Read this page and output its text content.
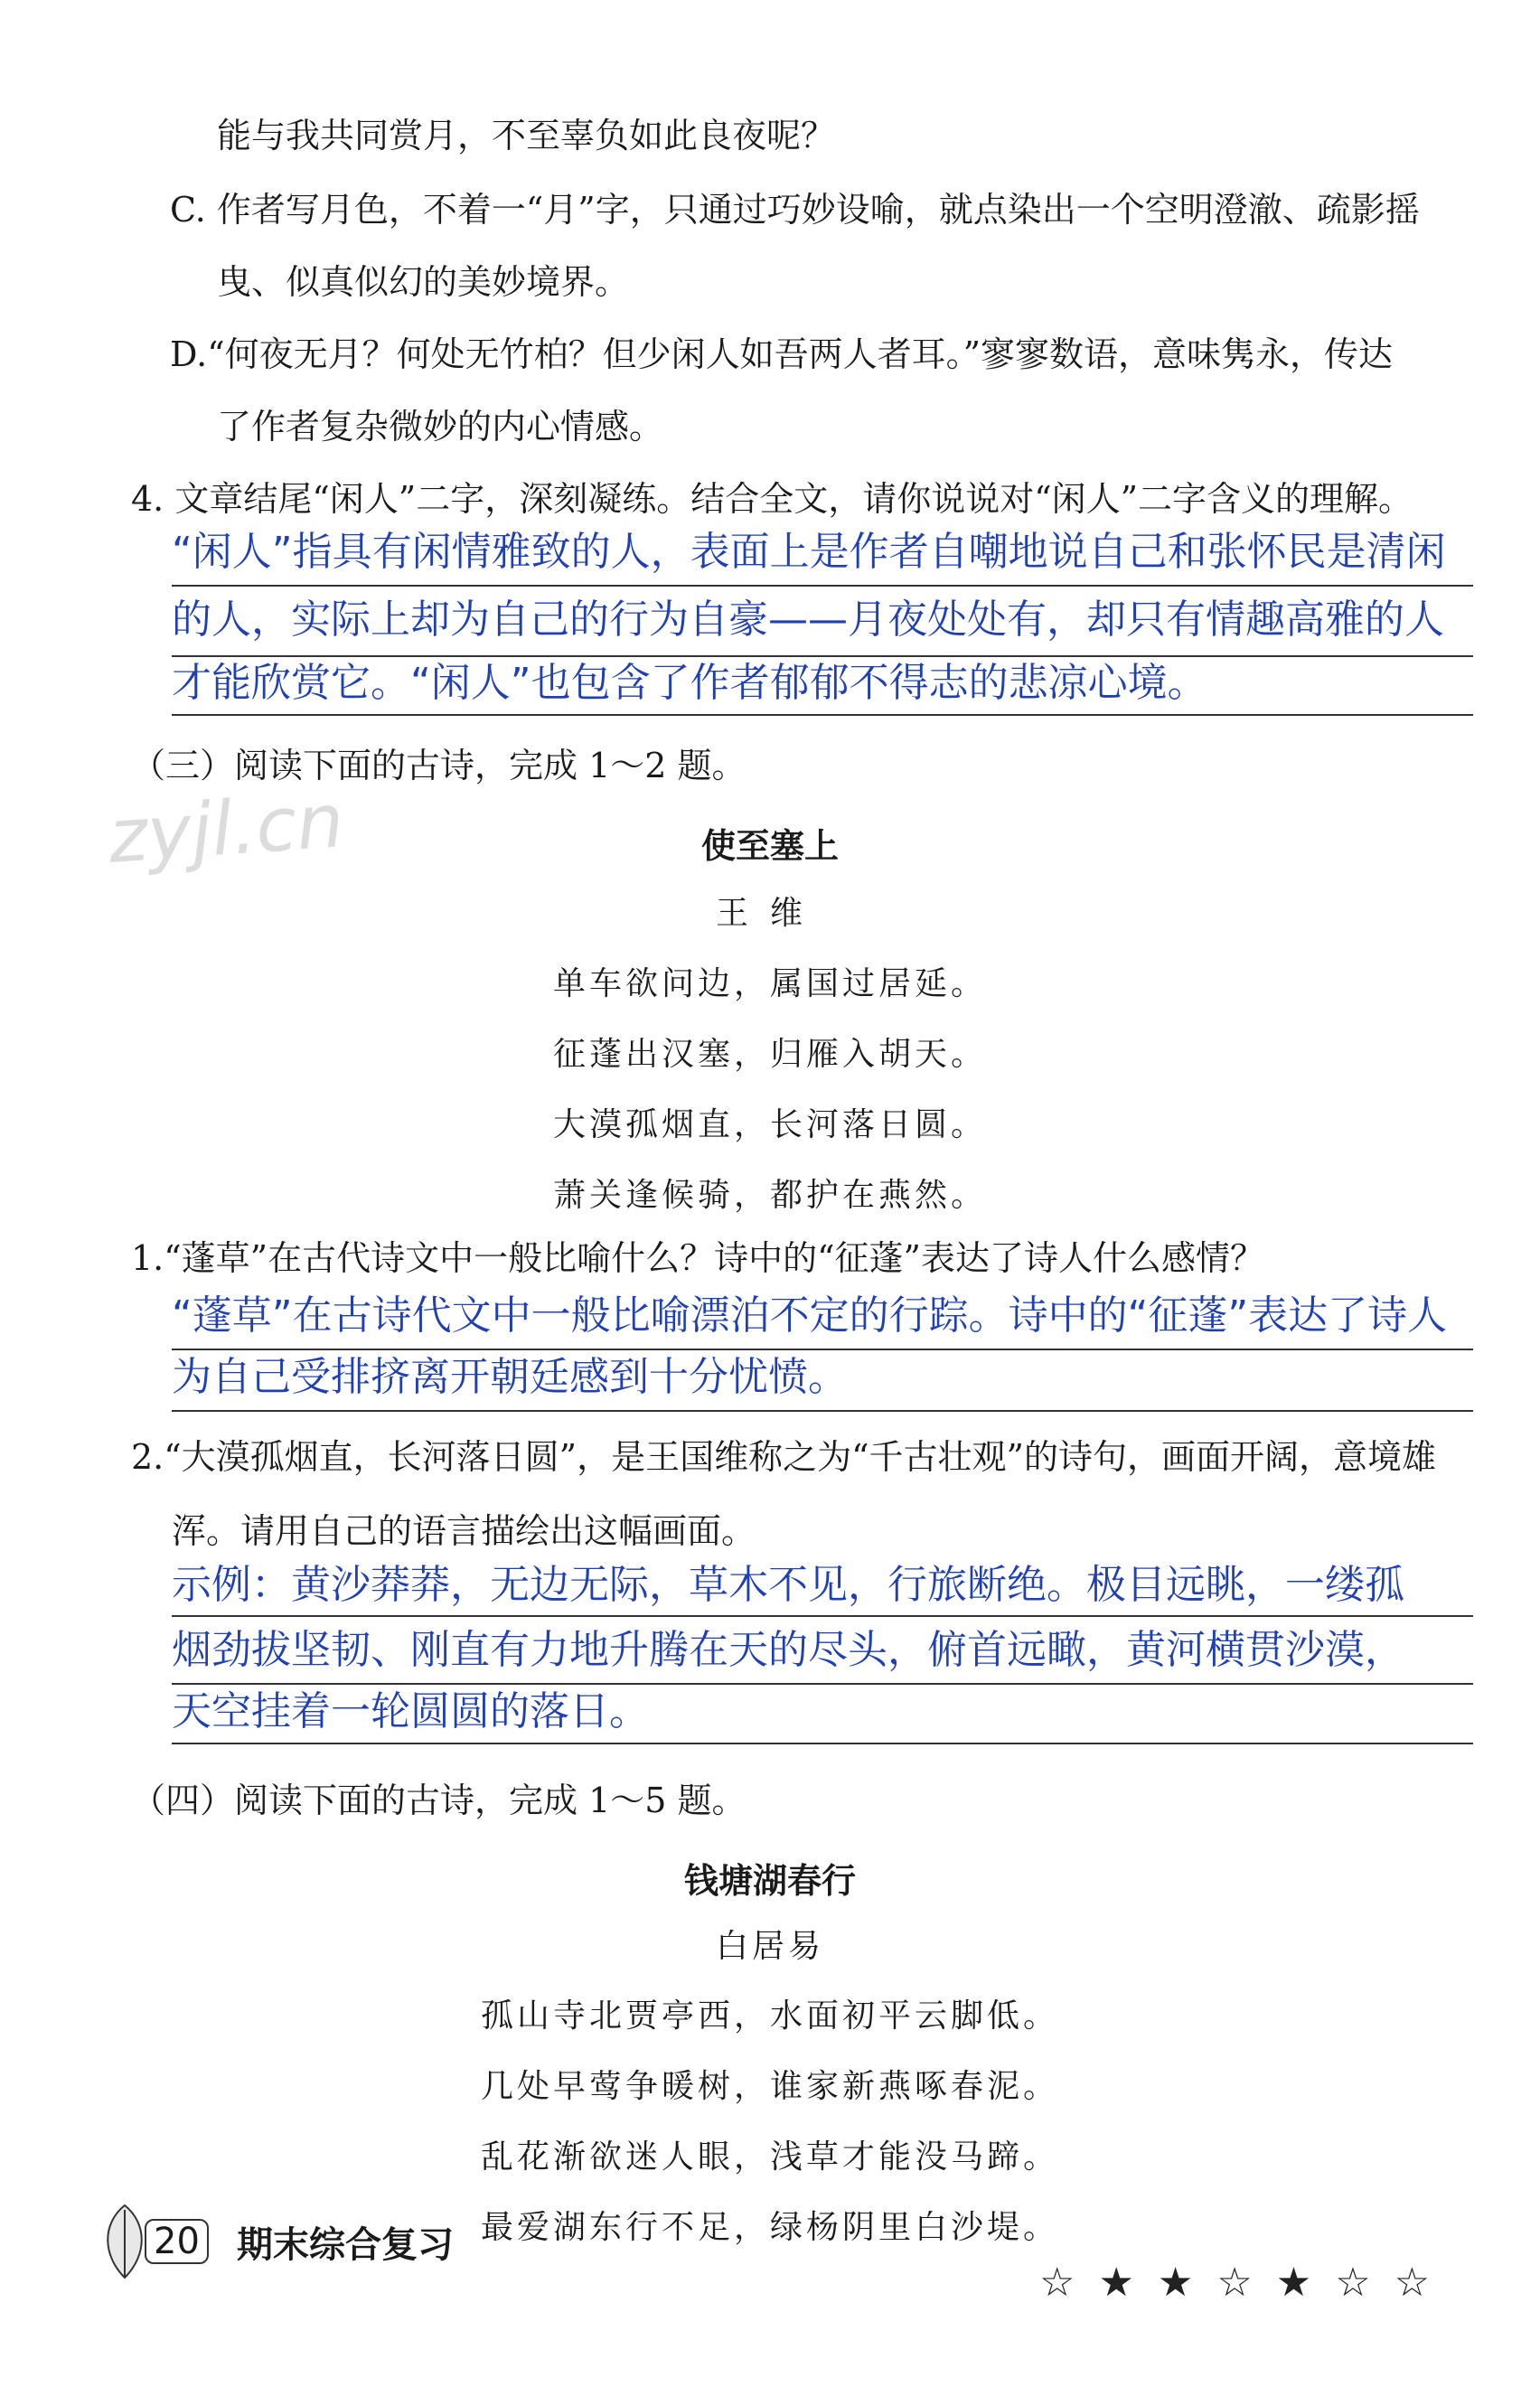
能与我共同赏月，不至辜负如此良夜呢？
C. 作者写月色，不着一“月”字，只通过巧妙设喻，就点染出一个空明澄澈、疏影摇
曳、似真似幻的美妙境界。
D.“何夜无月？何处无竹柏？但少闲人如吾两人者耳。”寥寥数语，意味隽永，传达
了作者复杂微妙的内心情感。
4. 文章结尾“闲人”二字，深刻凝练。结合全文，请你说说对“闲人”二字含义的理解。
“闲人”指具有闲情雅致的人，表面上是作者自嘲地说自己和张怀民是清闲
的人，实际上却为自己的行为自豪——月夜处处有，却只有情趣高雅的人
才能欣赏它。“闲人”也包含了作者郁郁不得志的悲凉心境。
（三）阅读下面的古诗，完成 1～2 题。
zyjl.cn	使至塞上
王维
单车欲问边，属国过居延。
征蓬出汉塞，归雁入胡天。
大漠孤烟直，长河落日圆。
萧关逢候骑，都护在燕然。
1.“蓬草”在古代诗文中一般比喻什么？诗中的“征蓬”表达了诗人什么感情？
“蓬草”在古诗代文中一般比喻漂泊不定的行踪。诗中的“征蓬”表达了诗人
为自己受排挤离开朝廷感到十分忧愤。
2.“大漠孤烟直，长河落日圆”，是王国维称之为“千古壮观”的诗句，画面开阔，意境雄
浑。请用自己的语言描绘出这幅画面。
示例：黄沙莽莽，无边无际，草木不见，行旅断绝。极目远眺，一缕孤
烟劲拔坚韧、刚直有力地升腾在天的尽头，俯首远瞰，黄河横贯沙漠，
天空挂着一轮圆圆的落日。
（四）阅读下面的古诗，完成 1～5 题。
钱塘湖春行
白居易
孤山寺北贾亭西，水面初平云脚低。
几处早莺争暖树，谁家新燕啄春泥。
乱花渐欲迷人眼，浅草才能没马蹄。
最爱湖东行不足，绿杨阴里白沙堤。
20 期末综合复习
☆★★☆★☆☆
